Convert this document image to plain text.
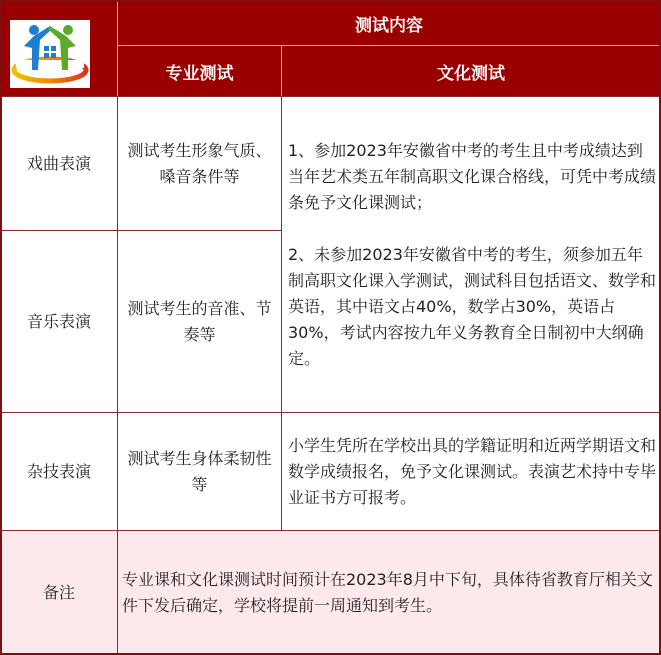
测试内容
专业测试	文化测试
戏曲表演
测试考生形象气质、嗓音条件等
音乐表演
测试考生的音准、节奏等
1、参加2023年安徽省中考的考生且中考成绩达到当年艺术类五年制高职文化课合格线，可凭中考成绩条免予文化课测试；
2、未参加2023年安徽省中考的考生，须参加五年制高职文化课入学测试，测试科目包括语文、数学和英语，其中语文占40%，数学占30%，英语占30%，考试内容按九年义务教育全日制初中大纲确定。
杂技表演
测试考生身体柔韧性等
小学生凭所在学校出具的学籍证明和近两学期语文和数学成绩报名，免予文化课测试。表演艺术持中专毕业证书方可报考。
备注
专业课和文化课测试时间预计在2023年8月中下旬，具体待省教育厅相关文件下发后确定，学校将提前一周通知到考生。
